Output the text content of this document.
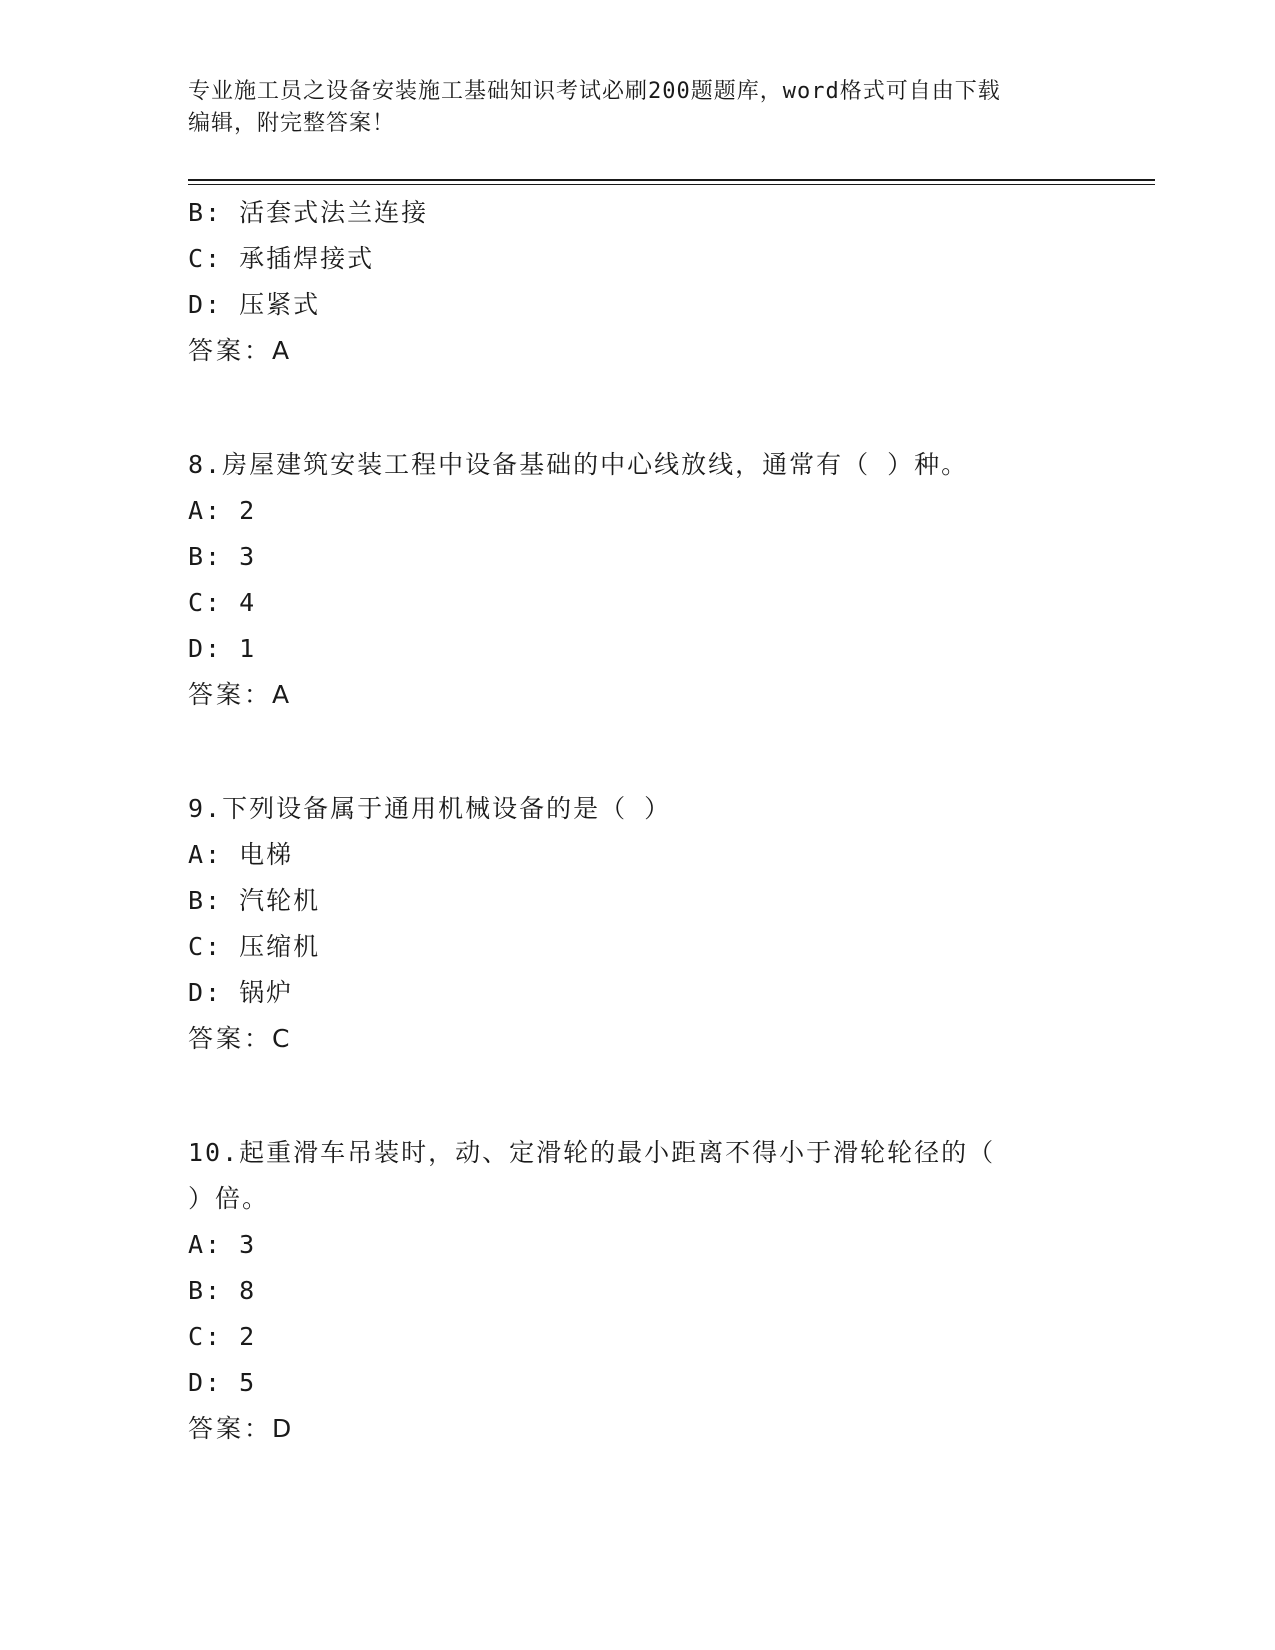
专业施工员之设备安装施工基础知识考试必刷200题题库，word格式可自由下载
编辑，附完整答案！
B: 活套式法兰连接
C: 承插焊接式
D: 压紧式
答案：A
8.房屋建筑安装工程中设备基础的中心线放线，通常有（ ）种。
A: 2
B: 3
C: 4
D: 1
答案：A
9.下列设备属于通用机械设备的是（ ）
A: 电梯
B: 汽轮机
C: 压缩机
D: 锅炉
答案：C
10.起重滑车吊装时，动、定滑轮的最小距离不得小于滑轮轮径的（
）倍。
A: 3
B: 8
C: 2
D: 5
答案：D
